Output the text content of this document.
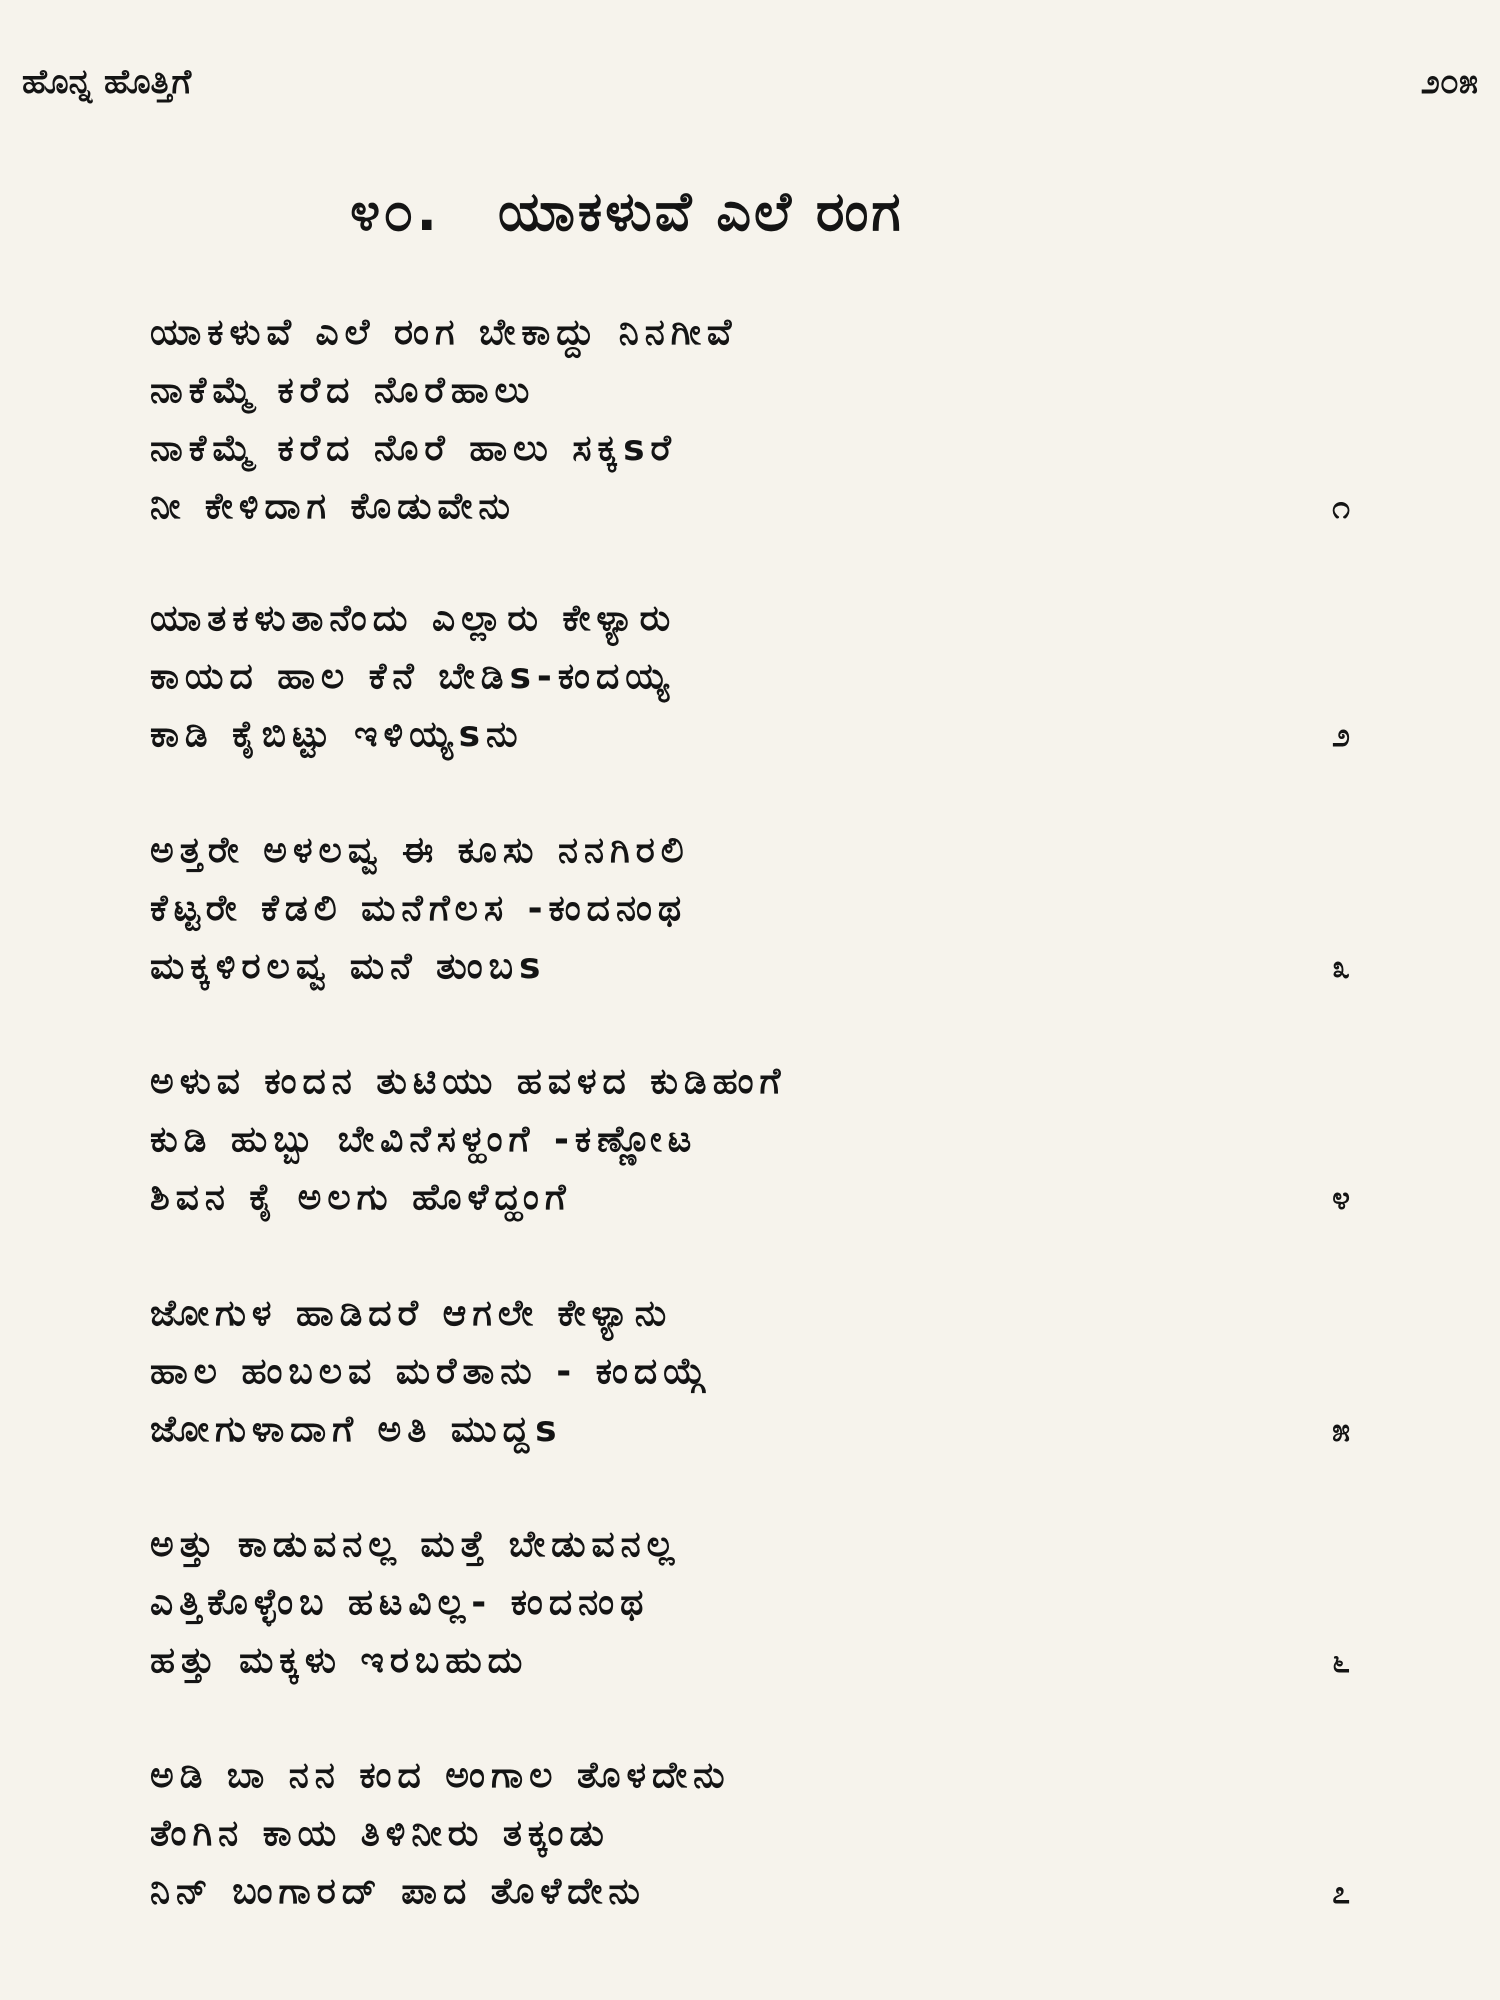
ಹೊನ್ನ ಹೊತ್ತಿಗೆ	೨೦೫
೪೦. ಯಾಕಳುವೆ ಎಲೆ ರಂಗ
ಯಾಕಳುವೆ ಎಲೆ ರಂಗ ಬೇಕಾದ್ದು ನಿನಗೀವೆ
ನಾಕೆಮ್ಮೆ ಕರೆದ ನೊರೆಹಾಲು
ನಾಕೆಮ್ಮೆ ಕರೆದ ನೊರೆ ಹಾಲು ಸಕ್ಕsರೆ
ನೀ ಕೇಳಿದಾಗ ಕೊಡುವೇನು	೧
ಯಾತಕಳುತಾನೆಂದು ಎಲ್ಲಾರು ಕೇಳ್ಯಾರು
ಕಾಯದ ಹಾಲ ಕೆನೆ ಬೇಡಿs-ಕಂದಯ್ಯ
ಕಾಡಿ ಕೈಬಿಟ್ಟು ಇಳಿಯ್ಯsನು	೨
ಅತ್ತರೇ ಅಳಲವ್ವ ಈ ಕೂಸು ನನಗಿರಲಿ
ಕೆಟ್ಟರೇ ಕೆಡಲಿ ಮನೆಗೆಲಸ -ಕಂದನಂಥ
ಮಕ್ಕಳಿರಲವ್ವ ಮನೆ ತುಂಬs	೩
ಅಳುವ ಕಂದನ ತುಟಿಯು ಹವಳದ ಕುಡಿಹಂಗೆ
ಕುಡಿ ಹುಬ್ಬು ಬೇವಿನೆಸಳ್ಹಂಗೆ -ಕಣ್ಣೋಟ
ಶಿವನ ಕೈ ಅಲಗು ಹೊಳೆದ್ಹಂಗೆ	೪
ಜೋಗುಳ ಹಾಡಿದರೆ ಆಗಲೇ ಕೇಳ್ಯಾನು
ಹಾಲ ಹಂಬಲವ ಮರೆತಾನು - ಕಂದಯ್ಗೆ
ಜೋಗುಳಾದಾಗೆ ಅತಿ ಮುದ್ದs	೫
ಅತ್ತು ಕಾಡುವನಲ್ಲ ಮತ್ತೆ ಬೇಡುವನಲ್ಲ
ಎತ್ತಿಕೊಳ್ಳೆಂಬ ಹಟವಿಲ್ಲ- ಕಂದನಂಥ
ಹತ್ತು ಮಕ್ಕಳು ಇರಬಹುದು	೬
ಅಡಿ ಬಾ ನನ ಕಂದ ಅಂಗಾಲ ತೊಳದೇನು
ತೆಂಗಿನ ಕಾಯ ತಿಳಿನೀರು ತಕ್ಕಂಡು
ನಿನ್ ಬಂಗಾರದ್ ಪಾದ ತೊಳೆದೇನು	೭
